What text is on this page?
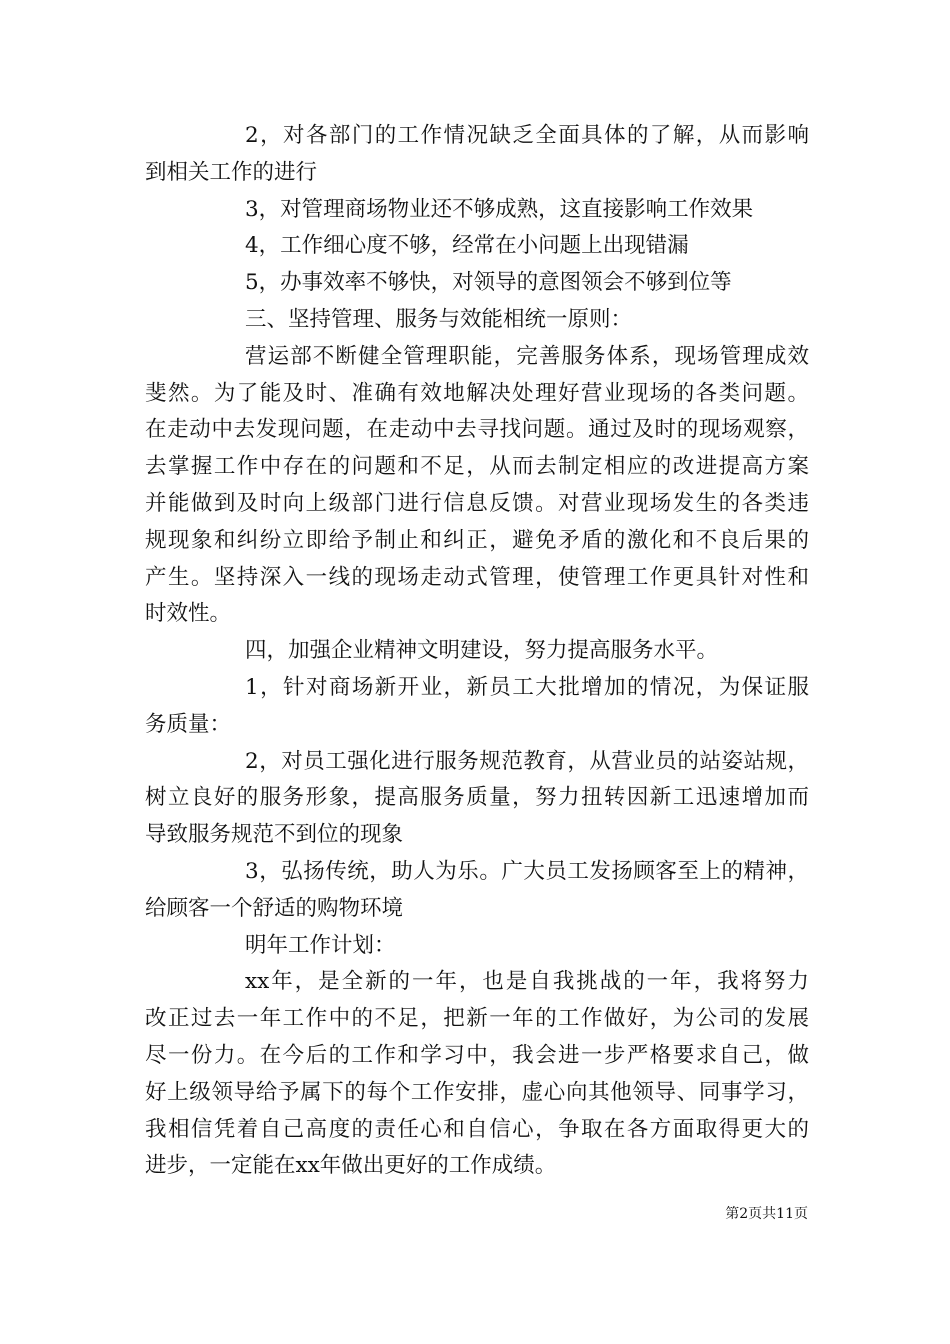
2，对各部门的工作情况缺乏全面具体的了解，从而影响
到相关工作的进行
3，对管理商场物业还不够成熟，这直接影响工作效果
4，工作细心度不够，经常在小问题上出现错漏
5，办事效率不够快，对领导的意图领会不够到位等
三、坚持管理、服务与效能相统一原则：
营运部不断健全管理职能，完善服务体系，现场管理成效
斐然。为了能及时、准确有效地解决处理好营业现场的各类问题。
在走动中去发现问题，在走动中去寻找问题。通过及时的现场观察，
去掌握工作中存在的问题和不足，从而去制定相应的改进提高方案
并能做到及时向上级部门进行信息反馈。对营业现场发生的各类违
规现象和纠纷立即给予制止和纠正，避免矛盾的激化和不良后果的
产生。坚持深入一线的现场走动式管理，使管理工作更具针对性和
时效性。
四，加强企业精神文明建设，努力提高服务水平。
1，针对商场新开业，新员工大批增加的情况，为保证服
务质量：
2，对员工强化进行服务规范教育，从营业员的站姿站规，
树立良好的服务形象，提高服务质量，努力扭转因新工迅速增加而
导致服务规范不到位的现象
3，弘扬传统，助人为乐。广大员工发扬顾客至上的精神，
给顾客一个舒适的购物环境
明年工作计划：
xx年，是全新的一年，也是自我挑战的一年，我将努力
改正过去一年工作中的不足，把新一年的工作做好，为公司的发展
尽一份力。在今后的工作和学习中，我会进一步严格要求自己，做
好上级领导给予属下的每个工作安排，虚心向其他领导、同事学习，
我相信凭着自己高度的责任心和自信心，争取在各方面取得更大的
进步，一定能在xx年做出更好的工作成绩。
第2页共11页
